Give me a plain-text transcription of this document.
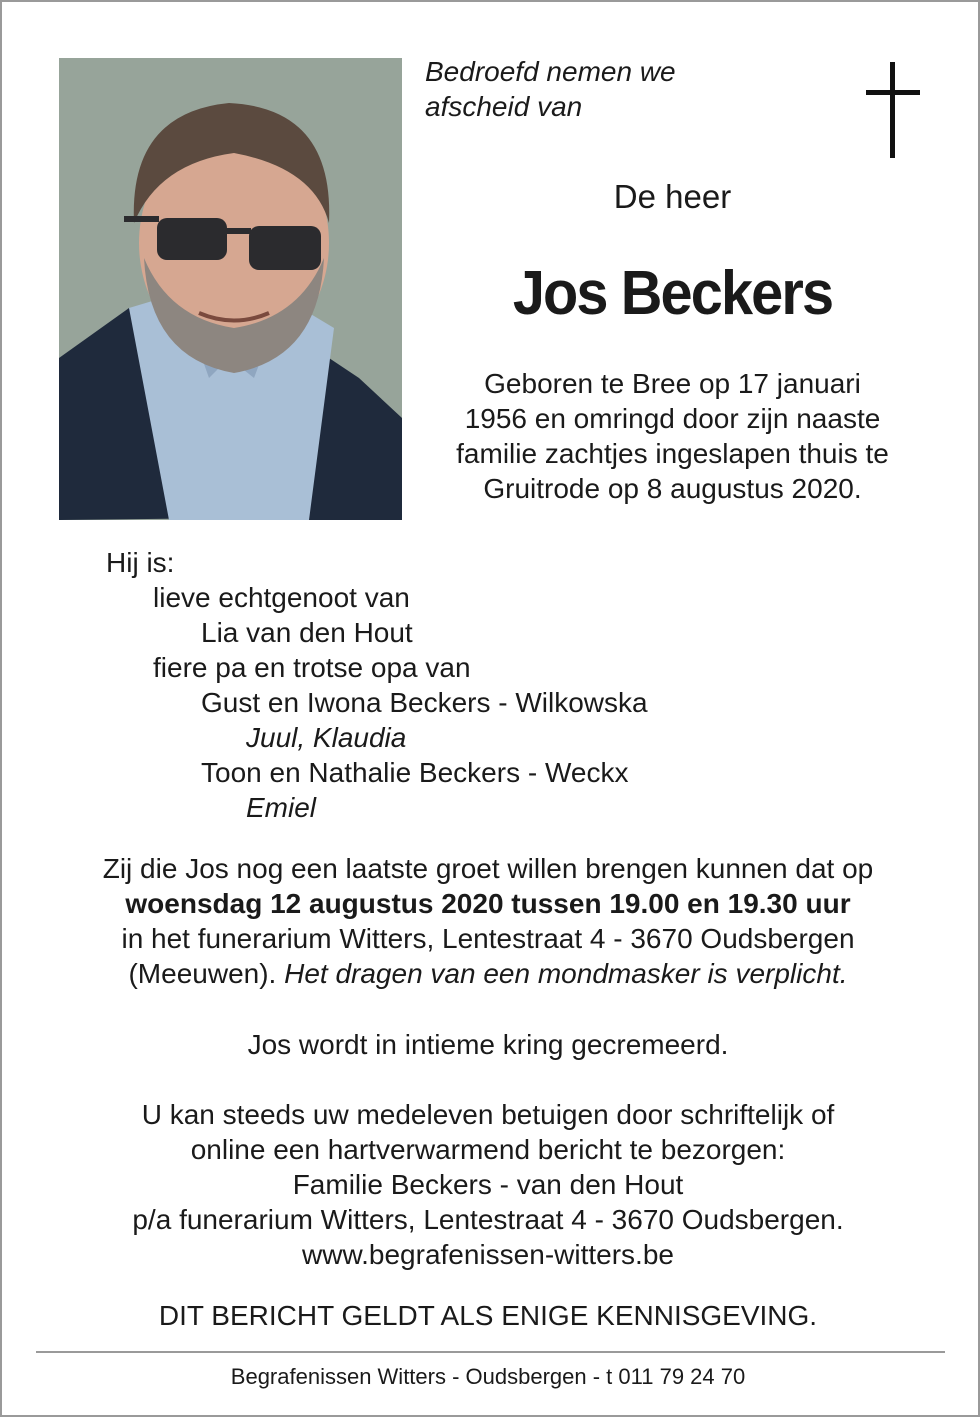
Bedroefd nemen we
afscheid van
De heer
Jos Beckers
Geboren te Bree op 17 januari
1956 en omringd door zijn naaste
familie zachtjes ingeslapen thuis te
Gruitrode op 8 augustus 2020.
Hij is:
lieve echtgenoot van
Lia van den Hout
fiere pa en trotse opa van
Gust en Iwona Beckers - Wilkowska
Juul, Klaudia
Toon en Nathalie Beckers - Weckx
Emiel
Zij die Jos nog een laatste groet willen brengen kunnen dat op
woensdag 12 augustus 2020 tussen 19.00 en 19.30 uur
in het funerarium Witters, Lentestraat 4 - 3670 Oudsbergen
(Meeuwen). Het dragen van een mondmasker is verplicht.
Jos wordt in intieme kring gecremeerd.
U kan steeds uw medeleven betuigen door schriftelijk of
online een hartverwarmend bericht te bezorgen:
Familie Beckers - van den Hout
p/a funerarium Witters, Lentestraat 4 - 3670 Oudsbergen.
www.begrafenissen-witters.be
DIT BERICHT GELDT ALS ENIGE KENNISGEVING.
Begrafenissen Witters - Oudsbergen - t 011 79 24 70
